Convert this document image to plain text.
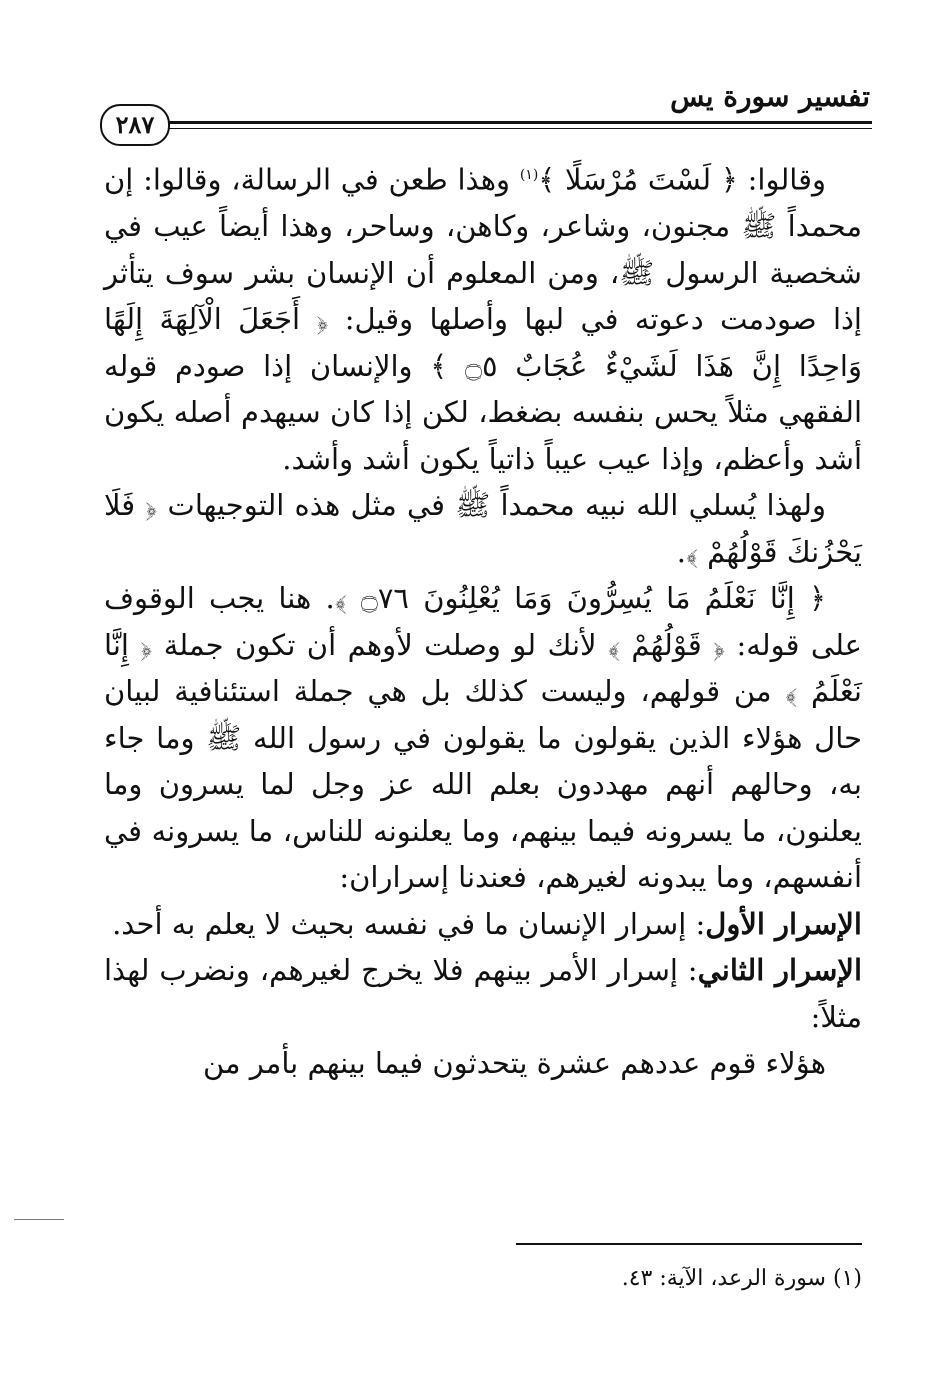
تفسير سورة يس
٢٨٧

وقالوا: ﴿ لَسْتَ مُرْسَلًا ﴾$^{(١)}$ وهذا طعن في الرسالة، وقالوا: إن محمداً ﷺ مجنون، وشاعر، وكاهن، وساحر، وهذا أيضاً عيب في شخصية الرسول ﷺ، ومن المعلوم أن الإنسان بشر سوف يتأثر إذا صودمت دعوته في لبها وأصلها وقيل: ﴿ أَجَعَلَ الْآلِهَةَ إِلَهًا وَاحِدًا إِنَّ هَذَا لَشَيْءٌ عُجَابٌ ۝٥ ﴾ والإنسان إذا صودم قوله الفقهي مثلاً يحس بنفسه بضغط، لكن إذا كان سيهدم أصله يكون أشد وأعظم، وإذا عيب عيباً ذاتياً يكون أشد وأشد.

ولهذا يُسلي الله نبيه محمداً ﷺ في مثل هذه التوجيهات ﴿ فَلَا يَحْزُنكَ قَوْلُهُمْ ﴾.

﴿ إِنَّا نَعْلَمُ مَا يُسِرُّونَ وَمَا يُعْلِنُونَ ۝٧٦ ﴾. هنا يجب الوقوف على قوله: ﴿ قَوْلُهُمْ ﴾ لأنك لو وصلت لأوهم أن تكون جملة ﴿ إِنَّا نَعْلَمُ ﴾ من قولهم، وليست كذلك بل هي جملة استئنافية لبيان حال هؤلاء الذين يقولون ما يقولون في رسول الله ﷺ وما جاء به، وحالهم أنهم مهددون بعلم الله عز وجل لما يسرون وما يعلنون، ما يسرونه فيما بينهم، وما يعلنونه للناس، ما يسرونه في أنفسهم، وما يبدونه لغيرهم، فعندنا إسراران:

الإسرار الأول: إسرار الإنسان ما في نفسه بحيث لا يعلم به أحد.

الإسرار الثاني: إسرار الأمر بينهم فلا يخرج لغيرهم، ونضرب لهذا مثلاً:

هؤلاء قوم عددهم عشرة يتحدثون فيما بينهم بأمر من

(١) سورة الرعد، الآية: ٤٣.
